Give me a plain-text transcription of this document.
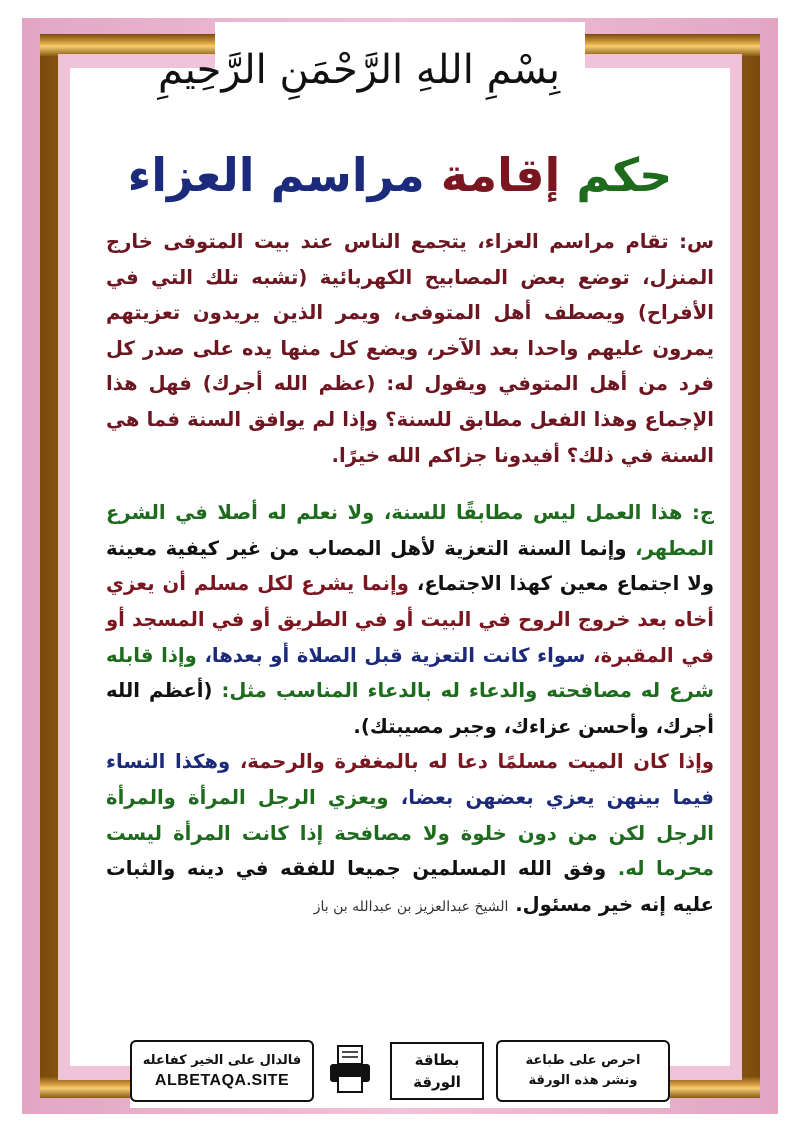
بِسْمِ اللهِ الرَّحْمَنِ الرَّحِيمِ
حكم إقامة مراسم العزاء
س: تقام مراسم العزاء، يتجمع الناس عند بيت المتوفى خارج المنزل، توضع بعض المصابيح الكهربائية (تشبه تلك التي في الأفراح) ويصطف أهل المتوفى، ويمر الذين يريدون تعزيتهم يمرون عليهم واحدا بعد الآخر، ويضع كل منها يده على صدر كل فرد من أهل المتوفي ويقول له: (عظم الله أجرك) فهل هذا الإجماع وهذا الفعل مطابق للسنة؟ وإذا لم يوافق السنة فما هي السنة في ذلك؟ أفيدونا جزاكم الله خيرًا.
ج: هذا العمل ليس مطابقًا للسنة، ولا نعلم له أصلا في الشرع المطهر، وإنما السنة التعزية لأهل المصاب من غير كيفية معينة ولا اجتماع معين كهذا الاجتماع، وإنما يشرع لكل مسلم أن يعزي أخاه بعد خروج الروح في البيت أو في الطريق أو في المسجد أو في المقبرة، سواء كانت التعزية قبل الصلاة أو بعدها، وإذا قابله شرع له مصافحته والدعاء له بالدعاء المناسب مثل: (أعظم الله أجرك، وأحسن عزاءك، وجبر مصيبتك).
وإذا كان الميت مسلمًا دعا له بالمغفرة والرحمة، وهكذا النساء فيما بينهن يعزي بعضهن بعضا، ويعزي الرجل المرأة والمرأة الرجل لكن من دون خلوة ولا مصافحة إذا كانت المرأة ليست محرما له. وفق الله المسلمين جميعا للفقه في دينه والثبات عليه إنه خير مسئول. الشيخ عبدالعزيز بن عبدالله بن باز
احرص على طباعة
ونشر هذه الورقة
بطاقة
الورقة
فالدال على الخير كفاعله
ALBETAQA.SITE
